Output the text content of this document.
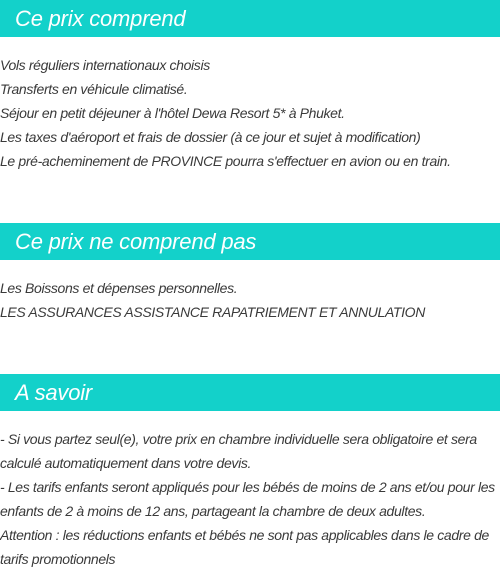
Ce prix comprend
Vols réguliers internationaux choisis
Transferts en véhicule climatisé.
Séjour en petit déjeuner à l'hôtel Dewa Resort 5* à Phuket.
Les taxes d'aéroport et frais de dossier (à ce jour et sujet à modification)
Le pré-acheminement de PROVINCE pourra s'effectuer en avion ou en train.
Ce prix ne comprend pas
Les Boissons et dépenses personnelles.
LES ASSURANCES ASSISTANCE RAPATRIEMENT ET ANNULATION
A savoir
- Si vous partez seul(e), votre prix en chambre individuelle sera obligatoire et sera calculé automatiquement dans votre devis.
- Les tarifs enfants seront appliqués pour les bébés de moins de 2 ans et/ou pour les enfants de 2 à moins de 12 ans, partageant la chambre de deux adultes.
Attention : les réductions enfants et bébés ne sont pas applicables dans le cadre de tarifs promotionnels
